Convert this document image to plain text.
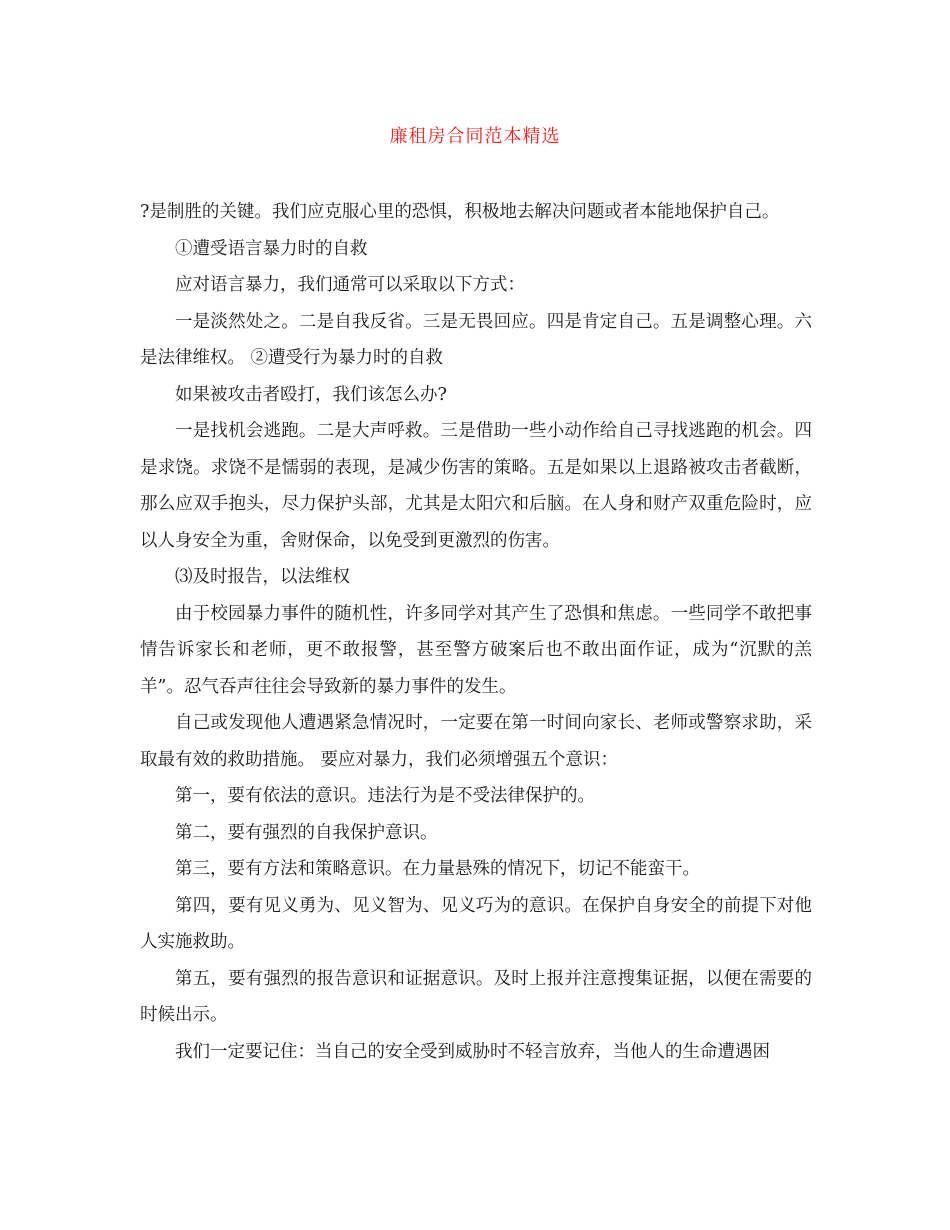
廉租房合同范本精选

?是制胜的关键。我们应克服心里的恐惧，积极地去解决问题或者本能地保护自己。

①遭受语言暴力时的自救

应对语言暴力，我们通常可以采取以下方式：

一是淡然处之。二是自我反省。三是无畏回应。四是肯定自己。五是调整心理。六是法律维权。 ②遭受行为暴力时的自救

如果被攻击者殴打，我们该怎么办?

一是找机会逃跑。二是大声呼救。三是借助一些小动作给自己寻找逃跑的机会。四是求饶。求饶不是懦弱的表现，是减少伤害的策略。五是如果以上退路被攻击者截断，那么应双手抱头，尽力保护头部，尤其是太阳穴和后脑。在人身和财产双重危险时，应以人身安全为重，舍财保命，以免受到更激烈的伤害。

⑶及时报告，以法维权

由于校园暴力事件的随机性，许多同学对其产生了恐惧和焦虑。一些同学不敢把事情告诉家长和老师，更不敢报警，甚至警方破案后也不敢出面作证，成为“沉默的羔羊”。忍气吞声往往会导致新的暴力事件的发生。

自己或发现他人遭遇紧急情况时，一定要在第一时间向家长、老师或警察求助，采取最有效的救助措施。 要应对暴力，我们必须增强五个意识：

第一，要有依法的意识。违法行为是不受法律保护的。

第二，要有强烈的自我保护意识。

第三，要有方法和策略意识。在力量悬殊的情况下，切记不能蛮干。

第四，要有见义勇为、见义智为、见义巧为的意识。在保护自身安全的前提下对他人实施救助。

第五，要有强烈的报告意识和证据意识。及时上报并注意搜集证据，以便在需要的时候出示。

我们一定要记住：当自己的安全受到威胁时不轻言放弃，当他人的生命遭遇困
